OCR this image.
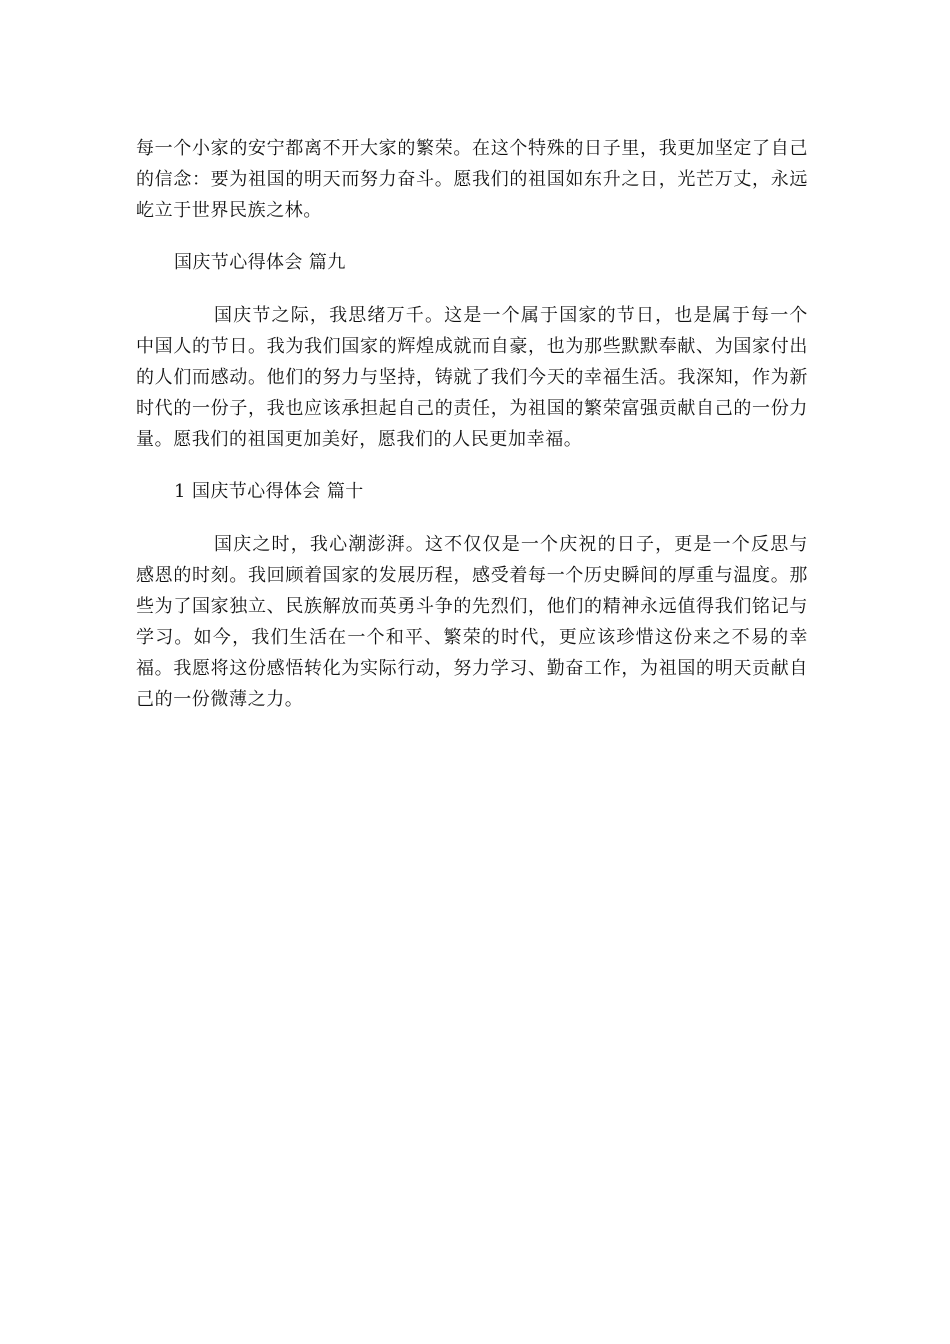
每一个小家的安宁都离不开大家的繁荣。在这个特殊的日子里，我更加坚定了自己的信念：要为祖国的明天而努力奋斗。愿我们的祖国如东升之日，光芒万丈，永远屹立于世界民族之林。

国庆节心得体会 篇九

国庆节之际，我思绪万千。这是一个属于国家的节日，也是属于每一个中国人的节日。我为我们国家的辉煌成就而自豪，也为那些默默奉献、为国家付出的人们而感动。他们的努力与坚持，铸就了我们今天的幸福生活。我深知，作为新时代的一份子，我也应该承担起自己的责任，为祖国的繁荣富强贡献自己的一份力量。愿我们的祖国更加美好，愿我们的人民更加幸福。

1 国庆节心得体会 篇十

国庆之时，我心潮澎湃。这不仅仅是一个庆祝的日子，更是一个反思与感恩的时刻。我回顾着国家的发展历程，感受着每一个历史瞬间的厚重与温度。那些为了国家独立、民族解放而英勇斗争的先烈们，他们的精神永远值得我们铭记与学习。如今，我们生活在一个和平、繁荣的时代，更应该珍惜这份来之不易的幸福。我愿将这份感悟转化为实际行动，努力学习、勤奋工作，为祖国的明天贡献自己的一份微薄之力。
